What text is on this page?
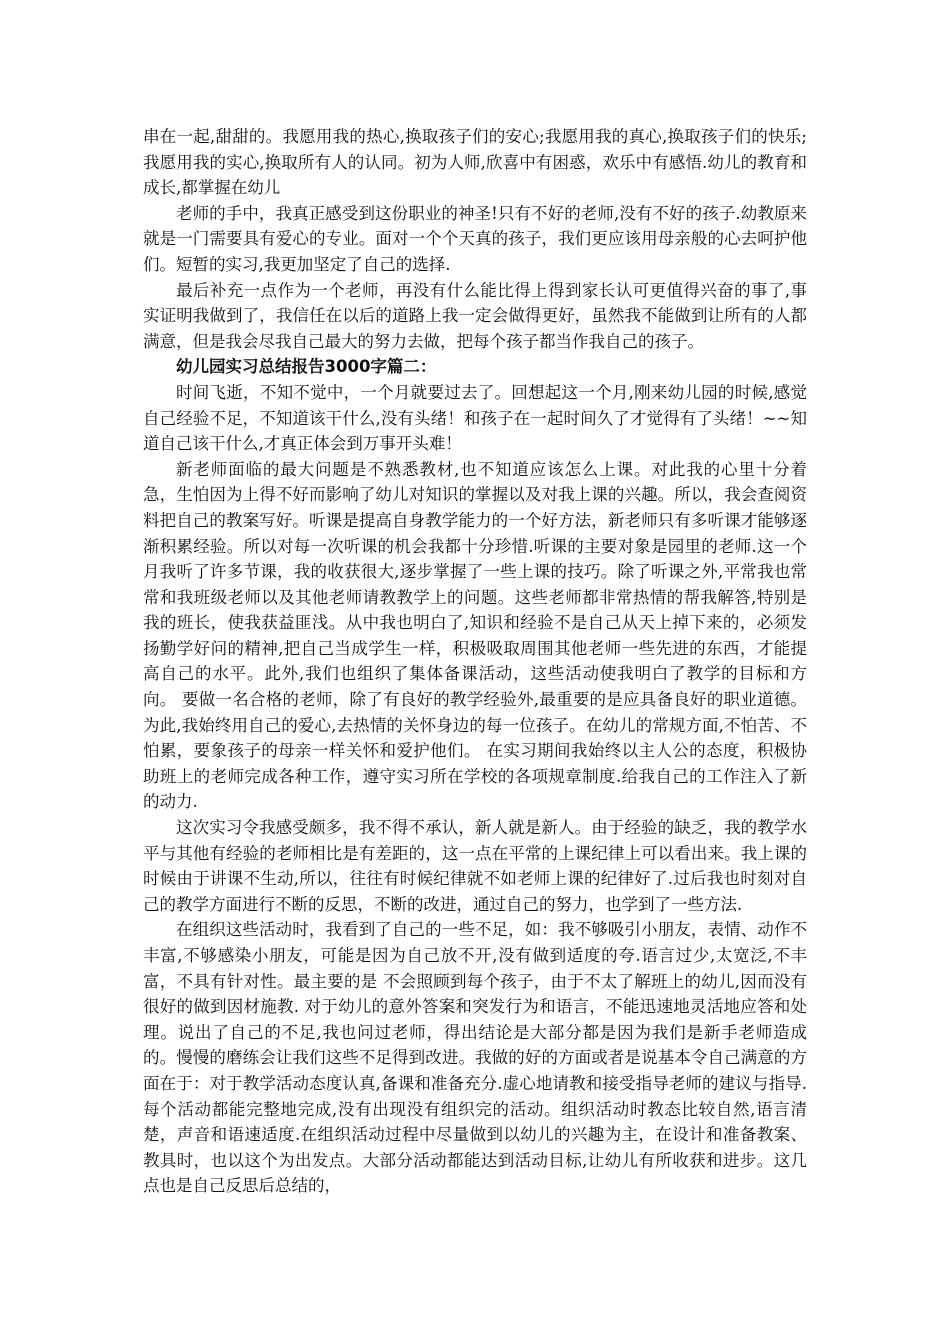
串在一起,甜甜的。我愿用我的热心,换取孩子们的安心;我愿用我的真心,换取孩子们的快乐;我愿用我的实心,换取所有人的认同。初为人师,欣喜中有困惑，欢乐中有感悟.幼儿的教育和成长,都掌握在幼儿

老师的手中，我真正感受到这份职业的神圣!只有不好的老师,没有不好的孩子.幼教原来就是一门需要具有爱心的专业。面对一个个天真的孩子，我们更应该用母亲般的心去呵护他们。短暂的实习,我更加坚定了自己的选择.

最后补充一点作为一个老师，再没有什么能比得上得到家长认可更值得兴奋的事了,事实证明我做到了，我信任在以后的道路上我一定会做得更好，虽然我不能做到让所有的人都满意，但是我会尽我自己最大的努力去做，把每个孩子都当作我自己的孩子。

幼儿园实习总结报告3000字篇二：

时间飞逝，不知不觉中，一个月就要过去了。回想起这一个月,刚来幼儿园的时候,感觉自己经验不足，不知道该干什么,没有头绪！和孩子在一起时间久了才觉得有了头绪！~~知道自己该干什么,才真正体会到万事开头难！

新老师面临的最大问题是不熟悉教材,也不知道应该怎么上课。对此我的心里十分着急，生怕因为上得不好而影响了幼儿对知识的掌握以及对我上课的兴趣。所以，我会查阅资料把自己的教案写好。听课是提高自身教学能力的一个好方法，新老师只有多听课才能够逐渐积累经验。所以对每一次听课的机会我都十分珍惜.听课的主要对象是园里的老师.这一个月我听了许多节课，我的收获很大,逐步掌握了一些上课的技巧。除了听课之外,平常我也常常和我班级老师以及其他老师请教教学上的问题。这些老师都非常热情的帮我解答,特别是我的班长，使我获益匪浅。从中我也明白了,知识和经验不是自己从天上掉下来的，必须发扬勤学好问的精神,把自己当成学生一样，积极吸取周围其他老师一些先进的东西，才能提高自己的水平。此外,我们也组织了集体备课活动，这些活动使我明白了教学的目标和方向。 要做一名合格的老师，除了有良好的教学经验外,最重要的是应具备良好的职业道德。为此,我始终用自己的爱心,去热情的关怀身边的每一位孩子。在幼儿的常规方面,不怕苦、不怕累，要象孩子的母亲一样关怀和爱护他们。 在实习期间我始终以主人公的态度，积极协助班上的老师完成各种工作，遵守实习所在学校的各项规章制度.给我自己的工作注入了新的动力.

这次实习令我感受颇多，我不得不承认，新人就是新人。由于经验的缺乏，我的教学水平与其他有经验的老师相比是有差距的，这一点在平常的上课纪律上可以看出来。我上课的时候由于讲课不生动,所以，往往有时候纪律就不如老师上课的纪律好了.过后我也时刻对自己的教学方面进行不断的反思，不断的改进，通过自己的努力，也学到了一些方法.

在组织这些活动时，我看到了自己的一些不足，如：我不够吸引小朋友，表情、动作不丰富,不够感染小朋友，可能是因为自己放不开,没有做到适度的夸.语言过少,太宽泛,不丰富，不具有针对性。最主要的是 不会照顾到每个孩子，由于不太了解班上的幼儿,因而没有很好的做到因材施教. 对于幼儿的意外答案和突发行为和语言，不能迅速地灵活地应答和处理。说出了自己的不足,我也问过老师，得出结论是大部分都是因为我们是新手老师造成的。慢慢的磨练会让我们这些不足得到改进。我做的好的方面或者是说基本令自己满意的方面在于：对于教学活动态度认真,备课和准备充分.虚心地请教和接受指导老师的建议与指导.每个活动都能完整地完成,没有出现没有组织完的活动。组织活动时教态比较自然,语言清楚，声音和语速适度.在组织活动过程中尽量做到以幼儿的兴趣为主，在设计和准备教案、教具时，也以这个为出发点。大部分活动都能达到活动目标,让幼儿有所收获和进步。这几点也是自己反思后总结的，
